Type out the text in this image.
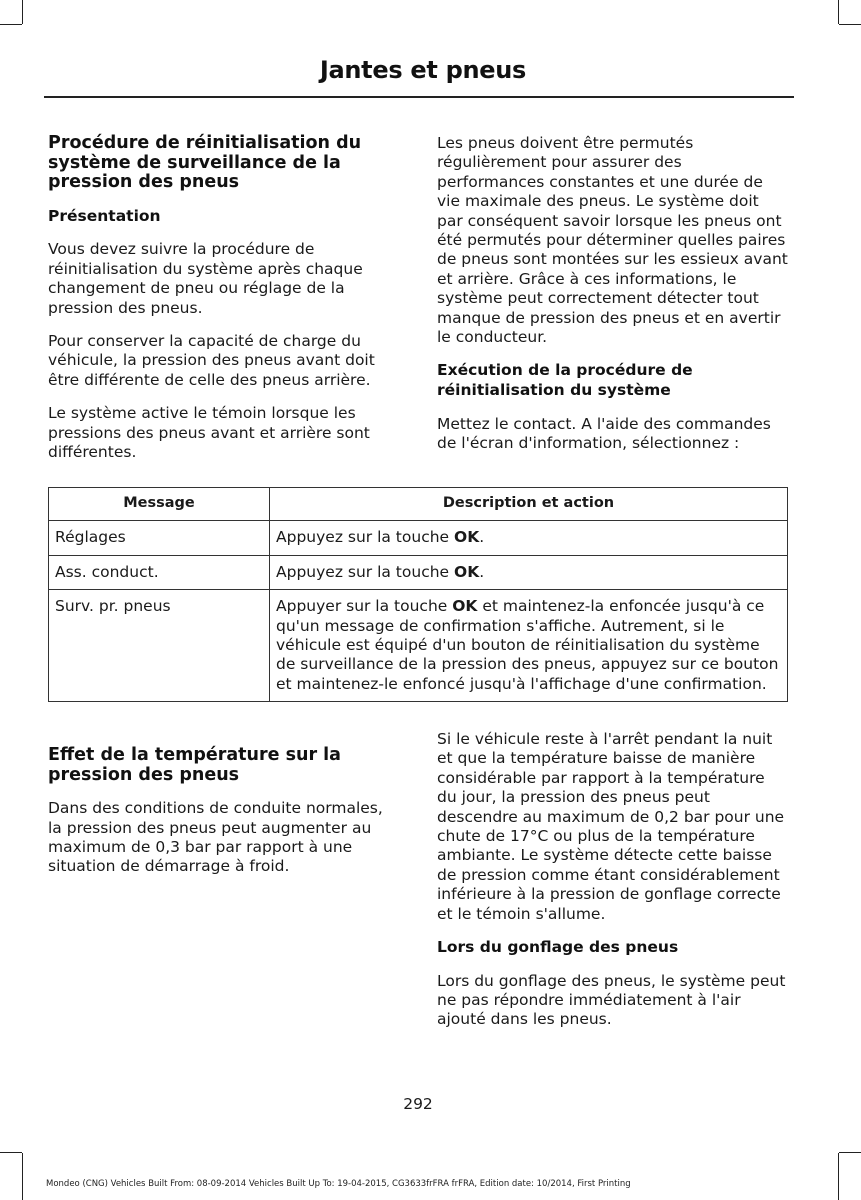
Jantes et pneus
Procédure de réinitialisation du système de surveillance de la pression des pneus
Présentation

Vous devez suivre la procédure de réinitialisation du système après chaque changement de pneu ou réglage de la pression des pneus.

Pour conserver la capacité de charge du véhicule, la pression des pneus avant doit être différente de celle des pneus arrière.

Le système active le témoin lorsque les pressions des pneus avant et arrière sont différentes.

Les pneus doivent être permutés régulièrement pour assurer des performances constantes et une durée de vie maximale des pneus. Le système doit par conséquent savoir lorsque les pneus ont été permutés pour déterminer quelles paires de pneus sont montées sur les essieux avant et arrière. Grâce à ces informations, le système peut correctement détecter tout manque de pression des pneus et en avertir le conducteur.

Exécution de la procédure de réinitialisation du système

Mettez le contact. A l'aide des commandes de l'écran d'information, sélectionnez :

Message	Description et action
Réglages	Appuyez sur la touche OK.
Ass. conduct.	Appuyez sur la touche OK.
Surv. pr. pneus	Appuyer sur la touche OK et maintenez-la enfoncée jusqu'à ce qu'un message de confirmation s'affiche. Autrement, si le véhicule est équipé d'un bouton de réinitialisation du système de surveillance de la pression des pneus, appuyez sur ce bouton et maintenez-le enfoncé jusqu'à l'affichage d'une confirmation.
Effet de la température sur la pression des pneus

Dans des conditions de conduite normales, la pression des pneus peut augmenter au maximum de 0,3 bar par rapport à une situation de démarrage à froid.

Si le véhicule reste à l'arrêt pendant la nuit et que la température baisse de manière considérable par rapport à la température du jour, la pression des pneus peut descendre au maximum de 0,2 bar pour une chute de 17°C ou plus de la température ambiante. Le système détecte cette baisse de pression comme étant considérablement inférieure à la pression de gonflage correcte et le témoin s'allume.

Lors du gonflage des pneus

Lors du gonflage des pneus, le système peut ne pas répondre immédiatement à l'air ajouté dans les pneus.

292
Mondeo (CNG) Vehicles Built From: 08-09-2014 Vehicles Built Up To: 19-04-2015, CG3633frFRA frFRA, Edition date: 10/2014, First Printing
